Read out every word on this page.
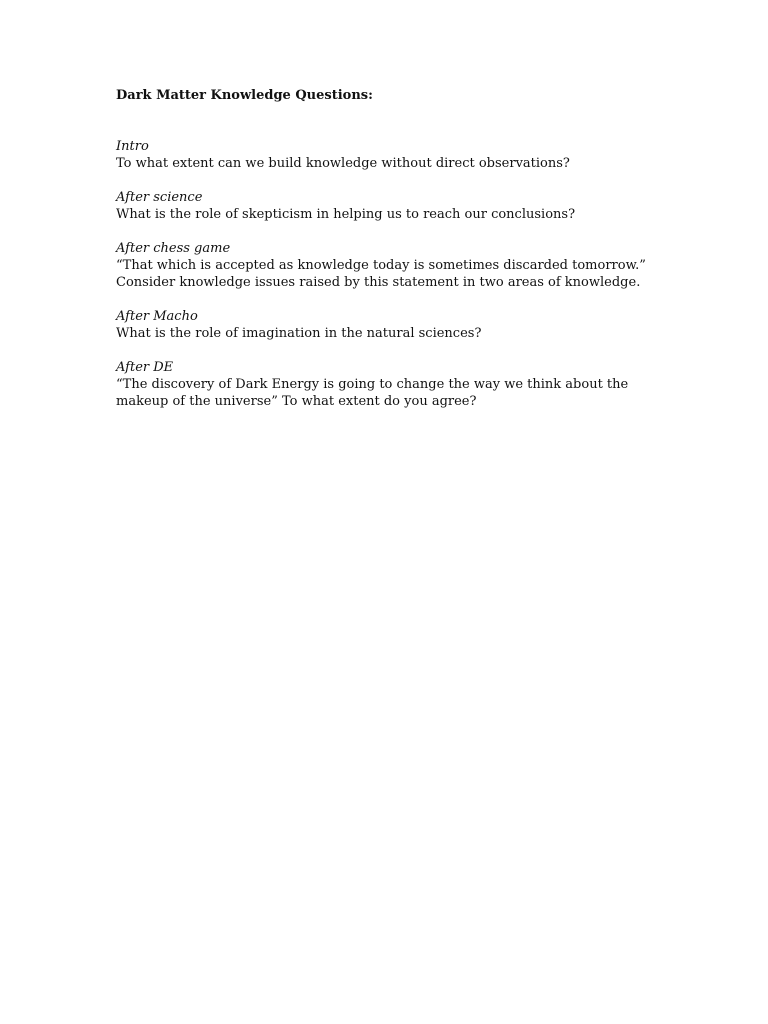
Dark Matter Knowledge Questions:
Intro
To what extent can we build knowledge without direct observations?
After science
What is the role of skepticism in helping us to reach our conclusions?
After chess game
“That which is accepted as knowledge today is sometimes discarded tomorrow.”
Consider knowledge issues raised by this statement in two areas of knowledge.
After Macho
What is the role of imagination in the natural sciences?
After DE
“The discovery of Dark Energy is going to change the way we think about the
makeup of the universe” To what extent do you agree?
